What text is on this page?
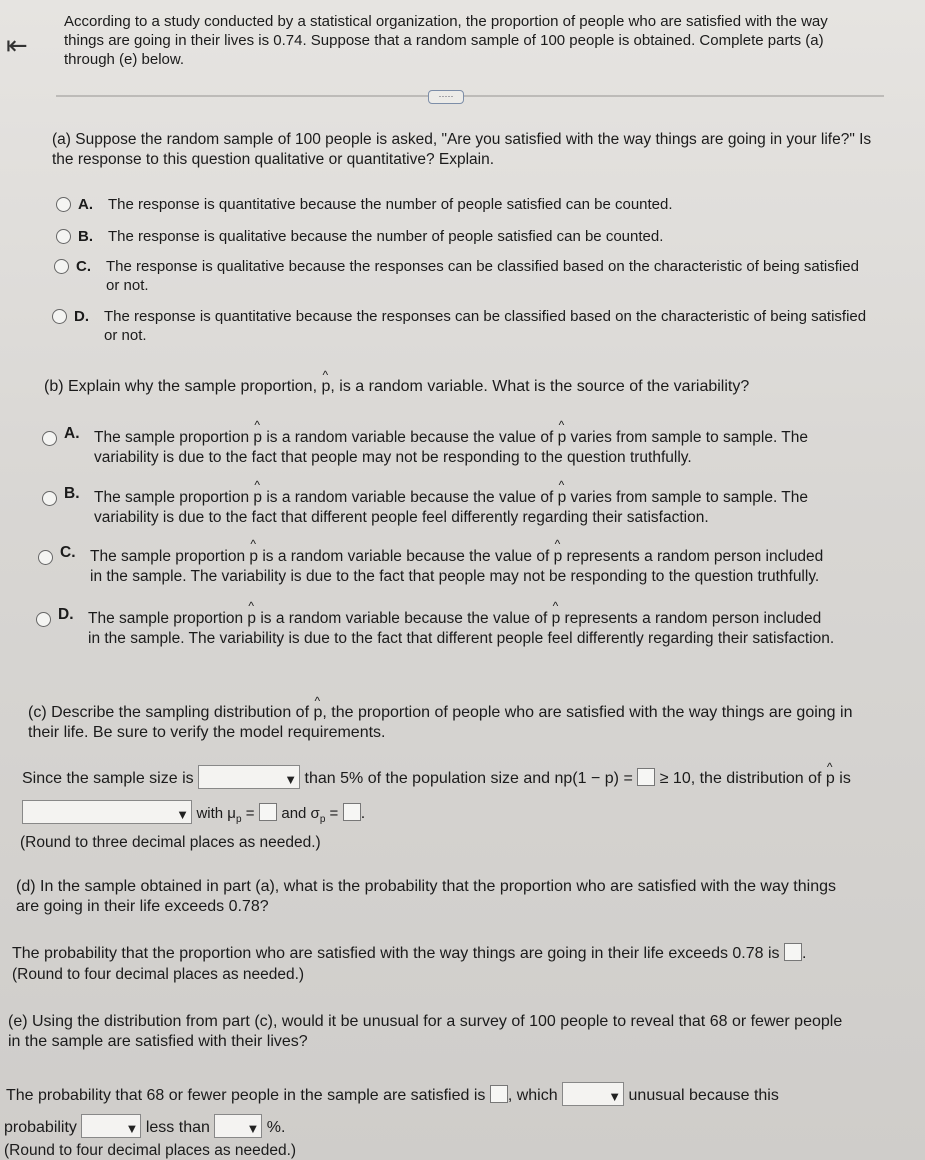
⇤
According to a study conducted by a statistical organization, the proportion of people who are satisfied with the way things are going in their lives is 0.74. Suppose that a random sample of 100 people is obtained. Complete parts (a) through (e) below.
·····
(a) Suppose the random sample of 100 people is asked, "Are you satisfied with the way things are going in your life?" Is the response to this question qualitative or quantitative? Explain.
A. The response is quantitative because the number of people satisfied can be counted.
B. The response is qualitative because the number of people satisfied can be counted.
C. The response is qualitative because the responses can be classified based on the characteristic of being satisfied or not.
D. The response is quantitative because the responses can be classified based on the characteristic of being satisfied or not.
(b) Explain why the sample proportion, ^ p, is a random variable. What is the source of the variability?
A. The sample proportion ^ p is a random variable because the value of ^ p varies from sample to sample. The
variability is due to the fact that people may not be responding to the question truthfully.
B. The sample proportion ^ p is a random variable because the value of ^ p varies from sample to sample. The
variability is due to the fact that different people feel differently regarding their satisfaction.
C. The sample proportion ^ p is a random variable because the value of ^ p represents a random person included
in the sample. The variability is due to the fact that people may not be responding to the question truthfully.
D. The sample proportion ^ p is a random variable because the value of ^ p represents a random person included
in the sample. The variability is due to the fact that different people feel differently regarding their satisfaction.
(c) Describe the sampling distribution of ^ p, the proportion of people who are satisfied with the way things are going in
their life. Be sure to verify the model requirements.
Since the sample size is	▼ than 5% of the population size and np(1 − p) = ≥ 10, the distribution of ^ p is
▼ with $\mu_p$ = and $\sigma_p$ = .
(Round to three decimal places as needed.)
(d) In the sample obtained in part (a), what is the probability that the proportion who are satisfied with the way things
are going in their life exceeds 0.78?
The probability that the proportion who are satisfied with the way things are going in their life exceeds 0.78 is .
(Round to four decimal places as needed.)
(e) Using the distribution from part (c), would it be unusual for a survey of 100 people to reveal that 68 or fewer people
in the sample are satisfied with their lives?
The probability that 68 or fewer people in the sample are satisfied is , which	▼ unusual because this
probability	▼ less than	▼ %.
(Round to four decimal places as needed.)
